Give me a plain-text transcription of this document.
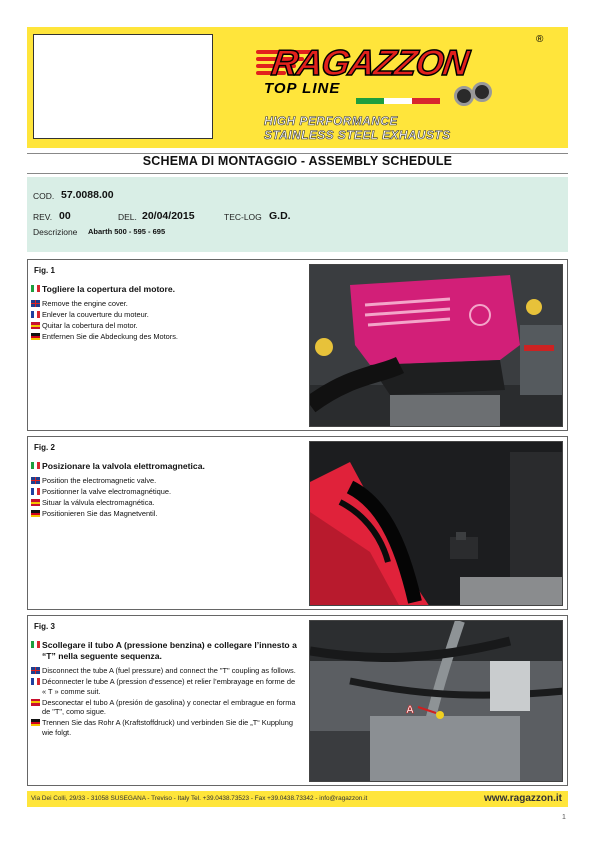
RAGAZZON
®
TOP LINE
HIGH PERFORMANCE
STAINLESS STEEL EXHAUSTS
SCHEMA DI MONTAGGIO - ASSEMBLY SCHEDULE
COD. 57.0088.00
REV. 00	DEL. 20/04/2015	TEC-LOG G.D.
Descrizione Abarth 500 - 595 - 695
Fig. 1
Togliere la copertura del motore.
Remove the engine cover.
Enlever la couverture du moteur.
Quitar la cobertura del motor.
Entfernen Sie die Abdeckung des Motors.
Fig. 2
Posizionare la valvola elettromagnetica.
Position the electromagnetic valve.
Positionner la valve electromagnétique.
Situar la válvula electromagnética.
Positionieren Sie das Magnetventil.
Fig. 3
Scollegare il tubo A (pressione benzina) e collegare l’innesto a “T” nella seguente sequenza.
Disconnect the tube A (fuel pressure) and connect the "T" coupling as follows.
Déconnecter le tube A (pression d’essence) et relier l’embrayage en forme de « T » comme suit.
Desconectar el tubo A (presión de gasolina) y conectar el embrague en forma de "T", como sigue.
Trennen Sie das Rohr A (Kraftstoffdruck) und verbinden Sie die „T“ Kupplung wie folgt.
A
Via Dei Colli, 29/33 - 31058 SUSEGANA - Treviso - Italy Tel. +39.0438.73523 - Fax +39.0438.73342 - info@ragazzon.it	www.ragazzon.it
1
